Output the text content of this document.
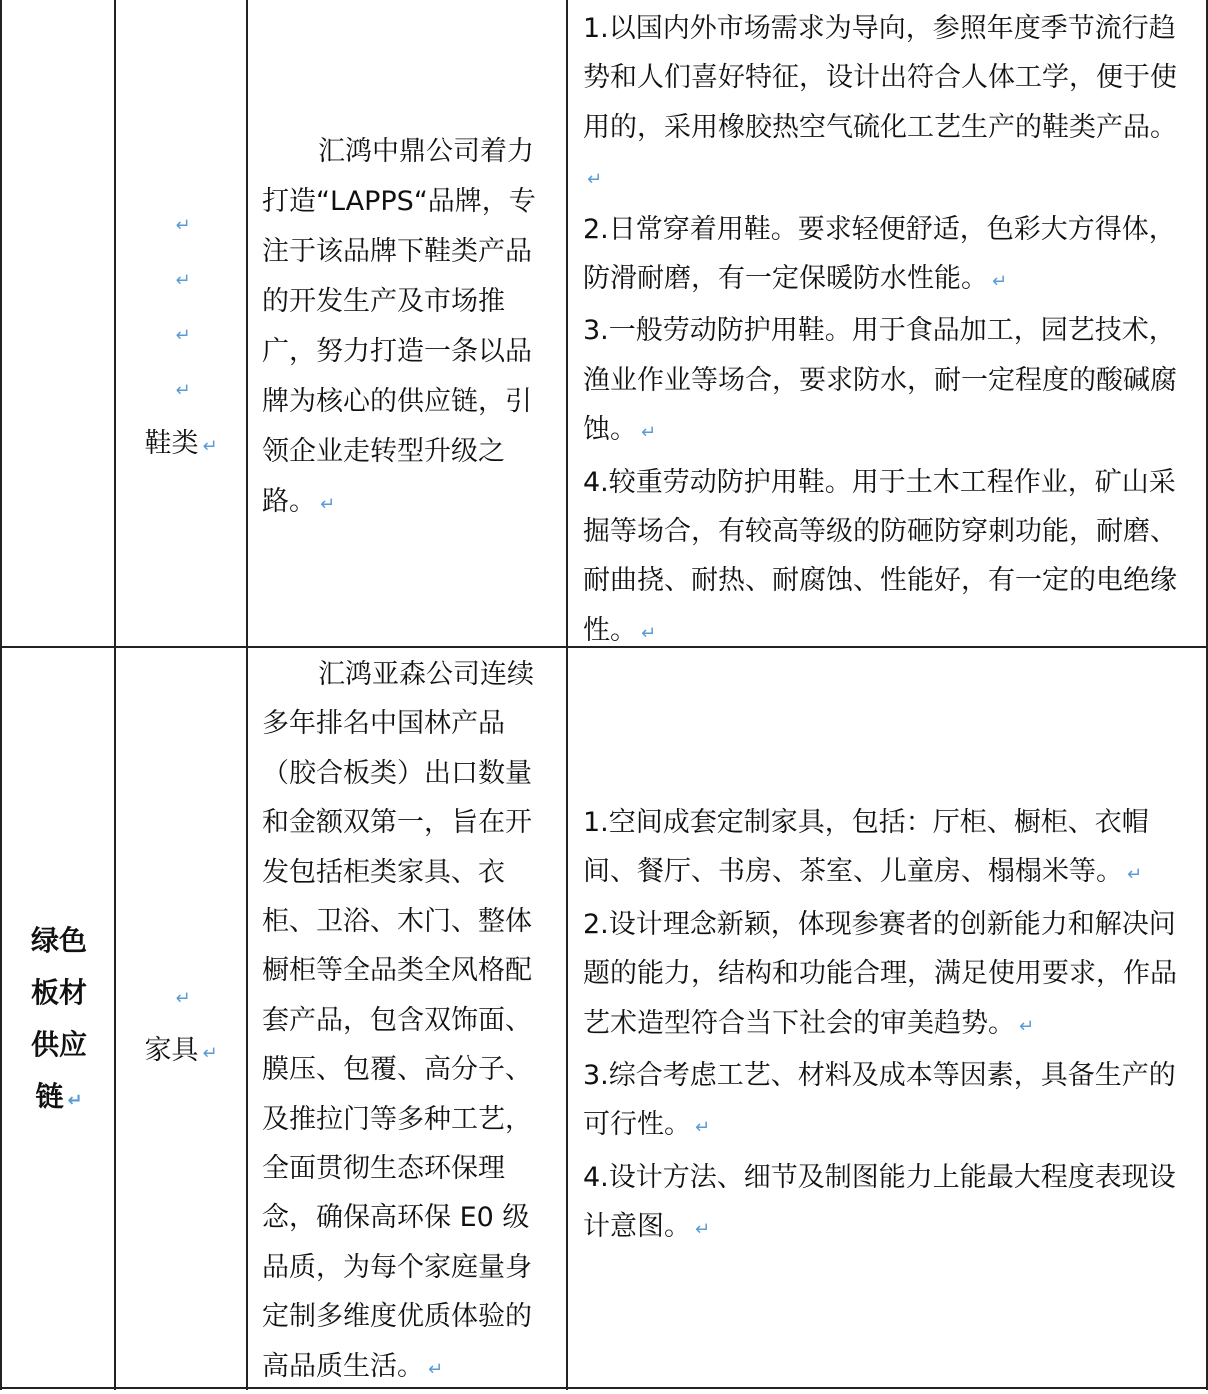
↵
↵
↵
↵
鞋类 ↵

汇鸿中鼎公司着力打造“LAPPS“品牌，专注于该品牌下鞋类产品的开发生产及市场推广，努力打造一条以品牌为核心的供应链，引领企业走转型升级之路。 ↵

1.以国内外市场需求为导向，参照年度季节流行趋势和人们喜好特征，设计出符合人体工学，便于使用的，采用橡胶热空气硫化工艺生产的鞋类产品。↵

2.日常穿着用鞋。要求轻便舒适，色彩大方得体，防滑耐磨，有一定保暖防水性能。 ↵

3.一般劳动防护用鞋。用于食品加工，园艺技术，渔业作业等场合，要求防水，耐一定程度的酸碱腐蚀。 ↵

4.较重劳动防护用鞋。用于土木工程作业，矿山采掘等场合，有较高等级的防砸防穿刺功能，耐磨、耐曲挠、耐热、耐腐蚀、性能好，有一定的电绝缘性。 ↵

绿色板材供应链 ↵
↵
家具 ↵

汇鸿亚森公司连续多年排名中国林产品（胶合板类）出口数量和金额双第一，旨在开发包括柜类家具、衣柜、卫浴、木门、整体橱柜等全品类全风格配套产品，包含双饰面、膜压、包覆、高分子、及推拉门等多种工艺，全面贯彻生态环保理念，确保高环保 E0 级品质，为每个家庭量身定制多维度优质体验的高品质生活。 ↵

1.空间成套定制家具，包括：厅柜、橱柜、衣帽间、餐厅、书房、茶室、儿童房、榻榻米等。 ↵

2.设计理念新颖，体现参赛者的创新能力和解决问题的能力，结构和功能合理，满足使用要求，作品艺术造型符合当下社会的审美趋势。 ↵

3.综合考虑工艺、材料及成本等因素，具备生产的可行性。 ↵

4.设计方法、细节及制图能力上能最大程度表现设计意图。 ↵
